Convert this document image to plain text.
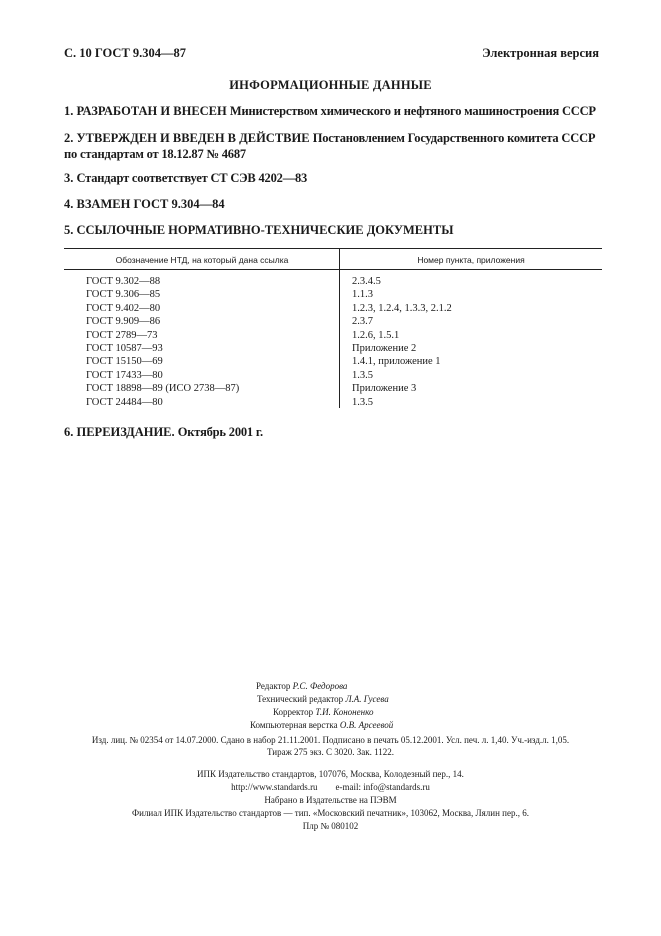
С. 10 ГОСТ 9.304—87	Электронная версия
ИНФОРМАЦИОННЫЕ ДАННЫЕ
1. РАЗРАБОТАН И ВНЕСЕН Министерством химического и нефтяного машиностроения СССР
2. УТВЕРЖДЕН И ВВЕДЕН В ДЕЙСТВИЕ Постановлением Государственного комитета СССР по стандартам от 18.12.87 № 4687
3. Стандарт соответствует СТ СЭВ 4202—83
4. ВЗАМЕН ГОСТ 9.304—84
5. ССЫЛОЧНЫЕ НОРМАТИВНО-ТЕХНИЧЕСКИЕ ДОКУМЕНТЫ
Обозначение НТД, на который дана ссылка	Номер пункта, приложения
ГОСТ 9.302—88	2.3.4.5
ГОСТ 9.306—85	1.1.3
ГОСТ 9.402—80	1.2.3, 1.2.4, 1.3.3, 2.1.2
ГОСТ 9.909—86	2.3.7
ГОСТ 2789—73	1.2.6, 1.5.1
ГОСТ 10587—93	Приложение 2
ГОСТ 15150—69	1.4.1, приложение 1
ГОСТ 17433—80	1.3.5
ГОСТ 18898—89 (ИСО 2738—87)	Приложение 3
ГОСТ 24484—80	1.3.5
6. ПЕРЕИЗДАНИЕ. Октябрь 2001 г.
Редактор Р.С. Федорова
Технический редактор Л.А. Гусева
Корректор Т.И. Кононенко
Компьютерная верстка О.В. Арсеевой
Изд. лиц. № 02354 от 14.07.2000. Сдано в набор 21.11.2001. Подписано в печать 05.12.2001. Усл. печ. л. 1,40. Уч.-изд.л. 1,05.
Тираж 275 экз. С 3020. Зак. 1122.
ИПК Издательство стандартов, 107076, Москва, Колодезный пер., 14.
http://www.standards.ru        e-mail: info@standards.ru
Набрано в Издательстве на ПЭВМ
Филиал ИПК Издательство стандартов — тип. «Московский печатник», 103062, Москва, Лялин пер., 6.
Плр № 080102
